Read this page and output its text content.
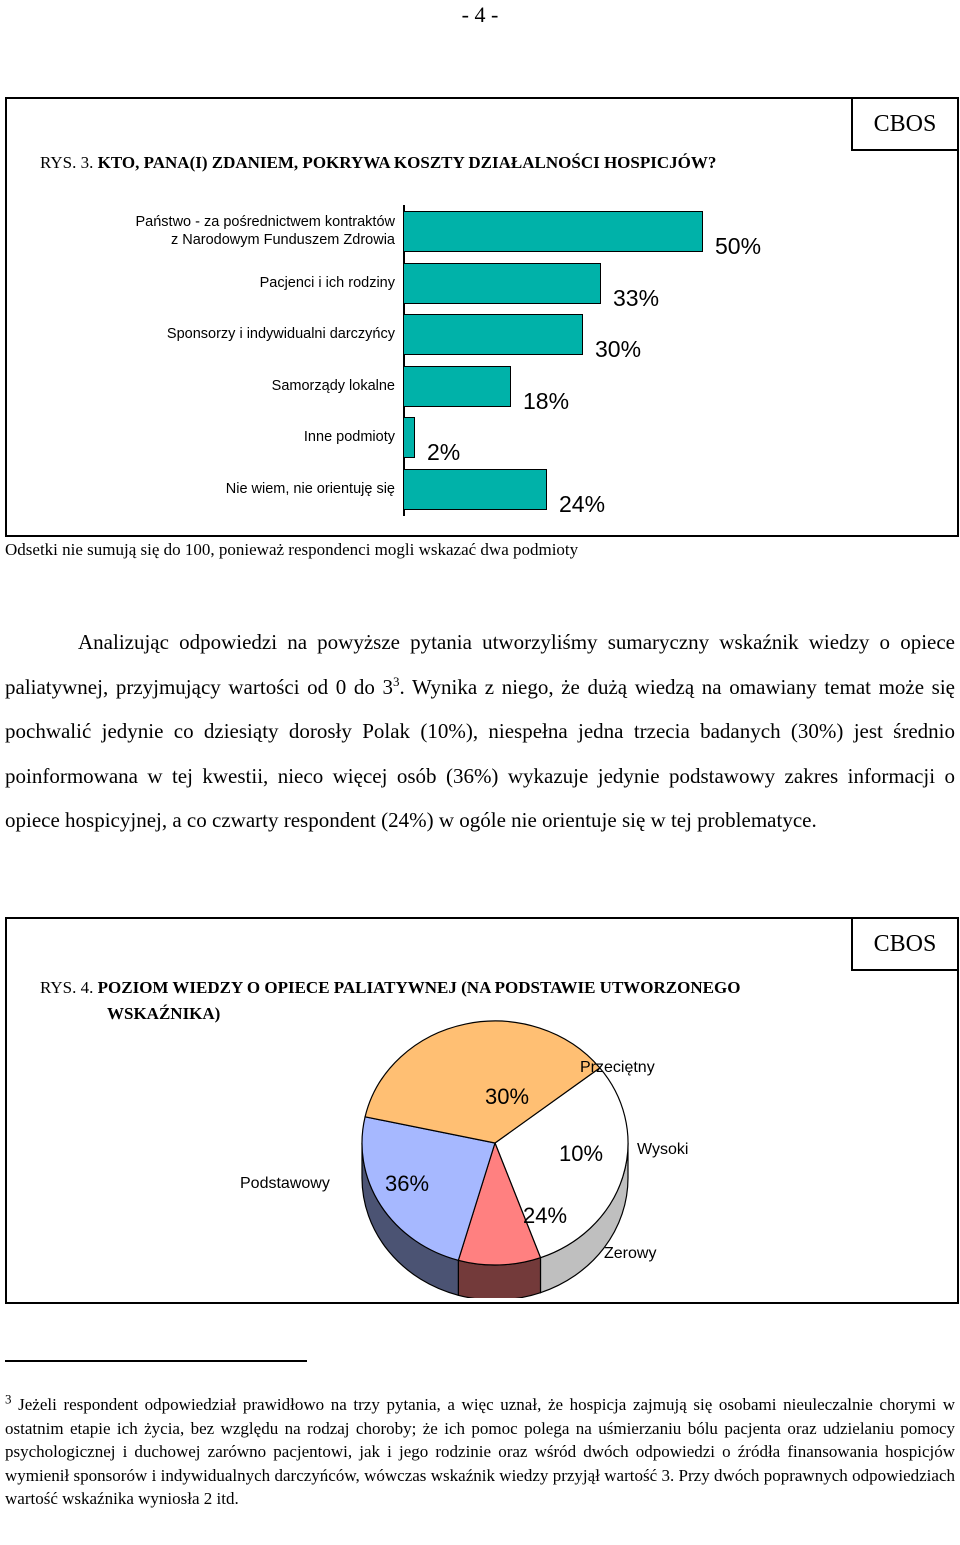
- 4 -
CBOS
RYS. 3. KTO, PANA(I) ZDANIEM, POKRYWA KOSZTY DZIAŁALNOŚCI HOSPICJÓW?
Państwo - za pośrednictwem kontraktów
z Narodowym Funduszem Zdrowia	50%
Pacjenci i ich rodziny
33%
Sponsorzy i indywidualni darczyńcy
30%
Samorządy lokalne
18%
Inne podmioty
2%
Nie wiem, nie orientuję się
24%
Odsetki nie sumują się do 100, ponieważ respondenci mogli wskazać dwa podmioty

Analizując odpowiedzi na powyższe pytania utworzyliśmy sumaryczny wskaźnik wiedzy o opiece paliatywnej, przyjmujący wartości od 0 do $3^3$. Wynika z niego, że dużą wiedzą na omawiany temat może się pochwalić jedynie co dziesiąty dorosły Polak (10%), niespełna jedna trzecia badanych (30%) jest średnio poinformowana w tej kwestii, nieco więcej osób (36%) wykazuje jedynie podstawowy zakres informacji o opiece hospicyjnej, a co czwarty respondent (24%) w ogóle nie orientuje się w tej problematyce.

CBOS
RYS. 4. POZIOM WIEDZY O OPIECE PALIATYWNEJ (NA PODSTAWIE UTWORZONEGO
WSKAŹNIKA)
30%
Przeciętny
10% Wysoki
24%
Zerowy
36%
Podstawowy
$^3$ Jeżeli respondent odpowiedział prawidłowo na trzy pytania, a więc uznał, że hospicja zajmują się osobami nieuleczalnie chorymi w ostatnim etapie ich życia, bez względu na rodzaj choroby; że ich pomoc polega na uśmierzaniu bólu pacjenta oraz udzielaniu pomocy psychologicznej i duchowej zarówno pacjentowi, jak i jego rodzinie oraz wśród dwóch odpowiedzi o źródła finansowania hospicjów wymienił sponsorów i indywidualnych darczyńców, wówczas wskaźnik wiedzy przyjął wartość 3. Przy dwóch poprawnych odpowiedziach wartość wskaźnika wyniosła 2 itd.
